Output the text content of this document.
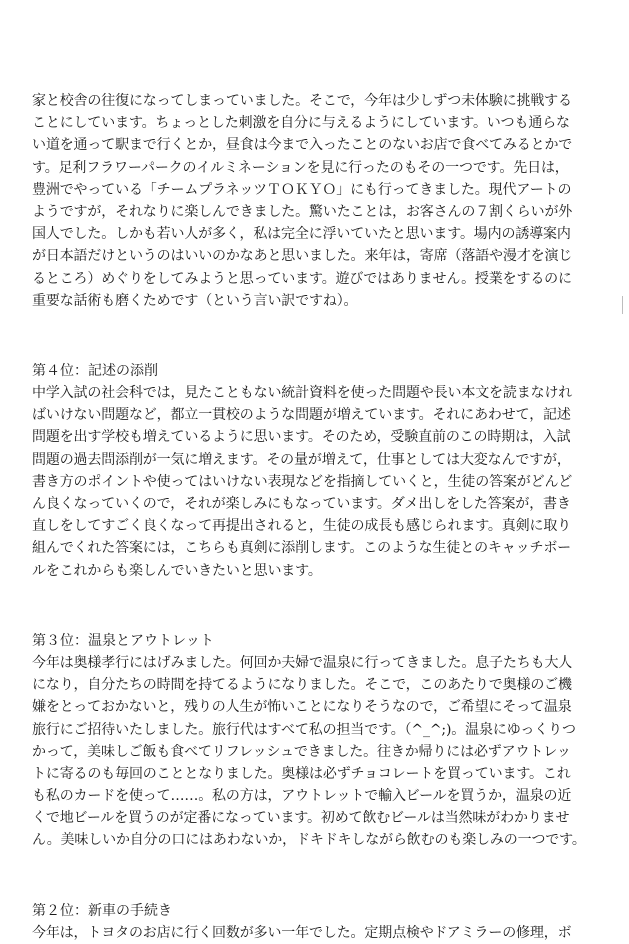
家と校舎の往復になってしまっていました。そこで，今年は少しずつ未体験に挑戦する
ことにしています。ちょっとした刺激を自分に与えるようにしています。いつも通らな
い道を通って駅まで行くとか，昼食は今まで入ったことのないお店で食べてみるとかで
す。足利フラワーパークのイルミネーションを見に行ったのもその一つです。先日は，
豊洲でやっている「チームプラネッツＴＯＫＹＯ」にも行ってきました。現代アートの
ようですが，それなりに楽しんできました。驚いたことは，お客さんの７割くらいが外
国人でした。しかも若い人が多く，私は完全に浮いていたと思います。場内の誘導案内
が日本語だけというのはいいのかなあと思いました。来年は，寄席（落語や漫才を演じ
るところ）めぐりをしてみようと思っています。遊びではありません。授業をするのに
重要な話術も磨くためです（という言い訳ですね）。
第４位：記述の添削
中学入試の社会科では，見たこともない統計資料を使った問題や長い本文を読まなけれ
ばいけない問題など，都立一貫校のような問題が増えています。それにあわせて，記述
問題を出す学校も増えているように思います。そのため，受験直前のこの時期は，入試
問題の過去問添削が一気に増えます。その量が増えて，仕事としては大変なんですが，
書き方のポイントや使ってはいけない表現などを指摘していくと，生徒の答案がどんど
ん良くなっていくので，それが楽しみにもなっています。ダメ出しをした答案が，書き
直しをしてすごく良くなって再提出されると，生徒の成長も感じられます。真剣に取り
組んでくれた答案には，こちらも真剣に添削します。このような生徒とのキャッチボー
ルをこれからも楽しんでいきたいと思います。
第３位：温泉とアウトレット
今年は奥様孝行にはげみました。何回か夫婦で温泉に行ってきました。息子たちも大人
になり，自分たちの時間を持てるようになりました。そこで，このあたりで奥様のご機
嫌をとっておかないと，残りの人生が怖いことになりそうなので，ご希望にそって温泉
旅行にご招待いたしました。旅行代はすべて私の担当です。（^_^;)。温泉にゆっくりつ
かって，美味しご飯も食べてリフレッシュできました。往きか帰りには必ずアウトレッ
トに寄るのも毎回のこととなりました。奥様は必ずチョコレートを買っています。これ
も私のカードを使って……。私の方は，アウトレットで輸入ビールを買うか，温泉の近
くで地ビールを買うのが定番になっています。初めて飲むビールは当然味がわかりませ
ん。美味しいか自分の口にはあわないか，ドキドキしながら飲むのも楽しみの一つです。
第２位：新車の手続き
今年は，トヨタのお店に行く回数が多い一年でした。定期点検やドアミラーの修理，ボ
